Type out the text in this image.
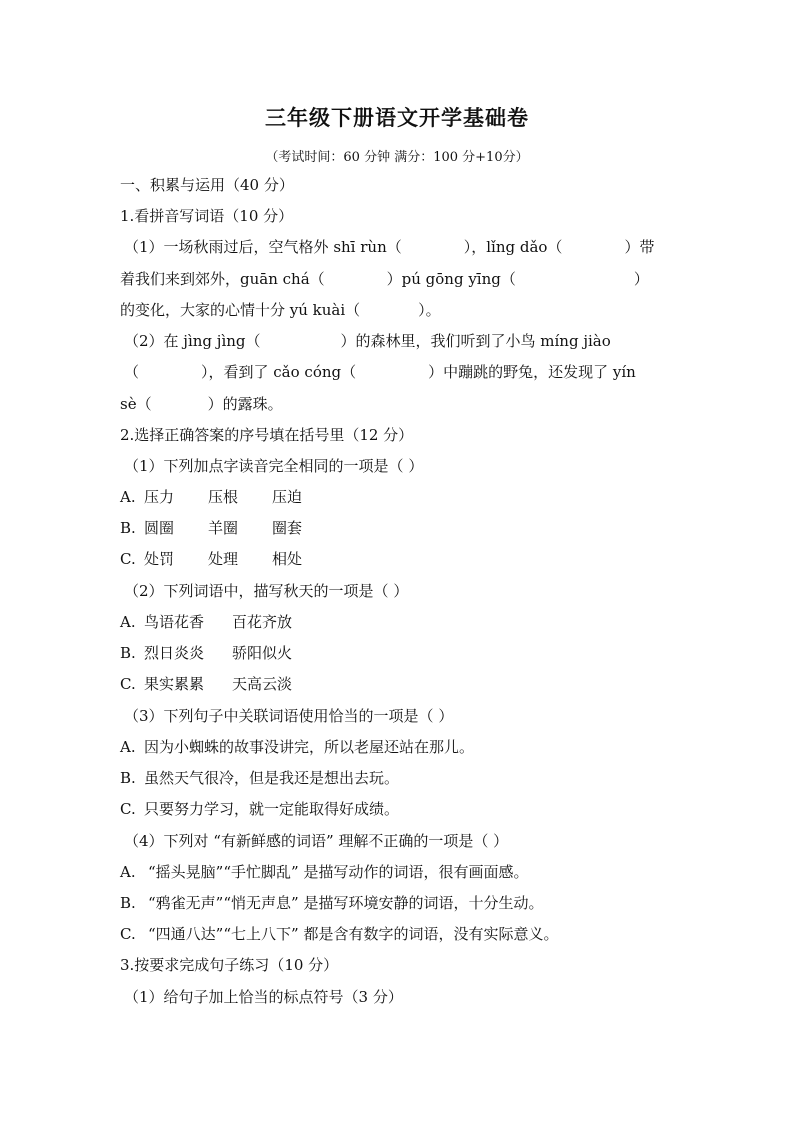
三年级下册语文开学基础卷
（考试时间：60 分钟 满分：100 分+10分）
一、积累与运用（40 分）
1.看拼音写词语（10 分）
（1）一场秋雨过后，空气格外 shī rùn（	），lǐng dǎo（	）带
着我们来到郊外，guān chá（	）pú gōng yīng（	）
的变化，大家的心情十分 yú kuài（	）。
（2）在 jìng jìng（	）的森林里，我们听到了小鸟 míng jiào
（	），看到了 cǎo cóng（	）中蹦跳的野兔，还发现了 yín
sè（	）的露珠。
2.选择正确答案的序号填在括号里（12 分）
（1）下列加点字读音完全相同的一项是（ ）
A. 压力 压根 压迫
B. 圆圈 羊圈 圈套
C. 处罚 处理 相处
（2）下列词语中，描写秋天的一项是（ ）
A. 鸟语花香 百花齐放
B. 烈日炎炎 骄阳似火
C. 果实累累 天高云淡
（3）下列句子中关联词语使用恰当的一项是（ ）
A. 因为小蜘蛛的故事没讲完，所以老屋还站在那儿。
B. 虽然天气很冷，但是我还是想出去玩。
C. 只要努力学习，就一定能取得好成绩。
（4）下列对 “有新鲜感的词语” 理解不正确的一项是（ ）
A. “摇头晃脑”“手忙脚乱” 是描写动作的词语，很有画面感。
B. “鸦雀无声”“悄无声息” 是描写环境安静的词语，十分生动。
C. “四通八达”“七上八下” 都是含有数字的词语，没有实际意义。
3.按要求完成句子练习（10 分）
（1）给句子加上恰当的标点符号（3 分）
